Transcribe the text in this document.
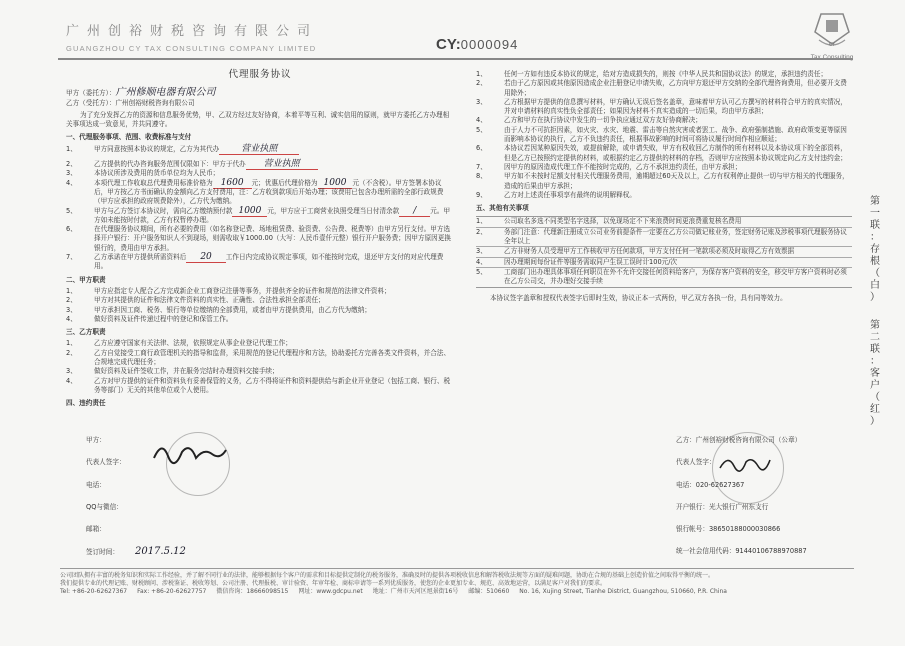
广州创裕财税咨询有限公司
GUANGZHOU CY TAX CONSULTING COMPANY LIMITED	CY:0000094	CY
代理服务协议
甲方（委托方）：广州修顺电器有限公司
乙方（受托方）：广州创裕财税咨询有限公司
为了充分发挥乙方的资源和信息服务优势，甲、乙双方经过友好协商，本着平等互利、诚实信用的原则，就甲方委托乙方办理相关事项达成一致意见，并共同遵守。
一、代理服务事项、范围、收费标准与支付
1、	甲方同意按照本协议的规定，乙方为其代办 营业执照
2、	乙方提供的代办咨询服务范围仅限如下：甲方于代办 营业执照
3、	本协议所涉及费用的货币单位均为人民币；
4、	本项代理工作收取总代理费用标准价格为 1600 元；优惠后代理价格为 1000 元（不含税）。甲方签署本协议后，甲方按乙方书面确认的金额向乙方支付费用，注：乙方收到款项后开始办理；该费用已包含办理所需的全部行政规费（甲方应承担的政府规费除外），乙方代为缴纳。
5、	甲方与乙方签订本协议时，需向乙方缴纳预付款 1000 元，甲方应于工商营业执照受理当日付清余款 / 元。甲方如未能按时付款，乙方有权暂停办理。
6、	在代理服务协议期间，所有必要的费用（如名称登记费、场地租赁费、验资费、公告费、税费等）由甲方另行支付。甲方选择开户银行：开户服务知识人不到现场，则需收取￥1000.00（大写：人民币壹仟元整）银行开户服务费；因甲方原因更换银行的，费用由甲方承担。
7、	乙方承诺在甲方提供所需资料后 20 工作日内完成协议规定事项，如不能按时完成，退还甲方支付的对应代理费用。
二、甲方职责
1、	甲方应指定专人配合乙方完成新企业工商登记注册等事务，并提供齐全的证件和规范的法律文件资料；
2、	甲方对其提供的证件和法律文件资料的真实性、正确性、合法性承担全部责任；
3、	甲方承担因工商、税务、银行等单位缴纳的全部费用，或者由甲方提供费用，由乙方代为缴纳；
4、	做好资料及证件传递过程中的登记和保管工作。
三、乙方职责
1、	乙方应遵守国家有关法律、法规，依照规定从事企业登记代理工作；
2、	乙方自觉接受工商行政管理机关的指导和监督，采用规范的登记代理程序和方法，协助委托方完善各类文件资料，并合法、合规地完成代理任务；
3、	做好资料及证件签收工作，并在服务完结时办理资料交接手续；
4、	乙方对甲方提供的证件和资料负有妥善保管的义务，乙方不得将证件和资料提供给与新企业开业登记（包括工商、银行、税务等部门）无关的其他单位或个人使用。
四、违约责任
1、	任何一方如有违反本协议的规定，给对方造成损失的，则按《中华人民共和国协议法》的规定，承担违约责任；
2、	若由于乙方原因或其他原因造成企业注册登记申请失败，乙方向甲方退还甲方交纳的全部代理咨询费用，但必要开支费用除外；
3、	乙方根据甲方提供的信息撰写材料，甲方确认无误后签名盖章，意味着甲方认可乙方撰写的材料符合甲方的真实情况，并对申请材料的真实性负全部责任；如果因为材料不真实造成的一切后果，均由甲方承担；
4、	乙方和甲方在执行协议中发生的一切争执应通过双方友好协商解决；
5、	由于人力不可抗拒因素，如火灾、水灾、地震、雷击等自然灾害或者罢工、战争、政府强制措施、政府政策变更等原因而影响本协议的执行，乙方不负违约责任，根据事故影响的时间可将协议履行时间作相应顺延；
6、	本协议若因某种原因失效，或提前解除，或申请失败，甲方有权收回乙方制作的所有材料以及本协议项下的全部资料，但是乙方已按照约定提供的材料，或根据约定乙方提供的材料的存档，否则甲方应按照本协议规定向乙方支付违约金；
7、	因甲方的原因造成代理工作不能按时完成的，乙方不承担违约责任，由甲方承担；
8、	甲方如不未按时足额支付相关代理服务费用，逾期超过60天及以上，乙方有权利停止提供一切与甲方相关的代理服务，造成的后果由甲方承担；
9、	乙方对上述责任事项享有最终的说明解释权。
五、其他有关事项
1、	公司取名多选不同类型名字选择，以免现场定不下来浪费时间更浪费重复核名费用
2、	务部门注意：代理新注册成立公司业务前提条件一定要在乙方公司做记账业务，签定财务记账及涉税事项代理服务协议全年以上
3、	乙方非财务人员受理甲方工作核收甲方任何款项，甲方支付任何一笔款项必须及时取得乙方有效票据
4、	因办理期间每份证件等服务需取同户生误工误时计100元/次
5、	工商部门出办理具体事项任何职员在外不允许交接任何资料给客户，为保存客户资料的安全，移交甲方客户资料时必须在乙方公司交，并办理好交接手续
本协议签字盖章和授权代表签字后即时生效，协议正本一式两份，甲乙双方各执一份，具有同等效力。
甲方：
代表人签字：
电话：
QQ与微信：
邮箱：
签订时间： 2017.5.12
乙方：广州创裕财税咨询有限公司（公章）
代表人签字：
电话：020-62627367
开户银行：光大银行广州东支行
银行帐号：38650188000030866
统一社会信用代码：91440106788970887
公司团队拥有丰富的税务知识和实际工作经验，并了解不同行业的法律，能够根据每个客户的需求和目标提供定制化的税务服务，准确及时的提供各项税收信息和解答税收法规等方面的疑难问题，协助在合规的基础上创造价值之间取得平衡的统一。
我们提供专业的代理记账、财税顾问、涉税鉴证、税收筹划、公司注册、代理报税、审计验资、年审年检、商标申请等一系列优质服务，使您的企业更加专业、规范、高效地运营，以满足客户对我们的要求。
Tel: +86-20-62627367 Fax: +86-20-62627757 微信咨询：18666098515 网址：www.gdcpu.net 地址：广州市天河区旭景街16号 邮编：510660 No. 16, Xujing Street, Tianhe District, Guangzhou, 510660, P.R. China
第
一
联
：
存
根
（
白
）
第
二
联
：
客
户
（
红
）
